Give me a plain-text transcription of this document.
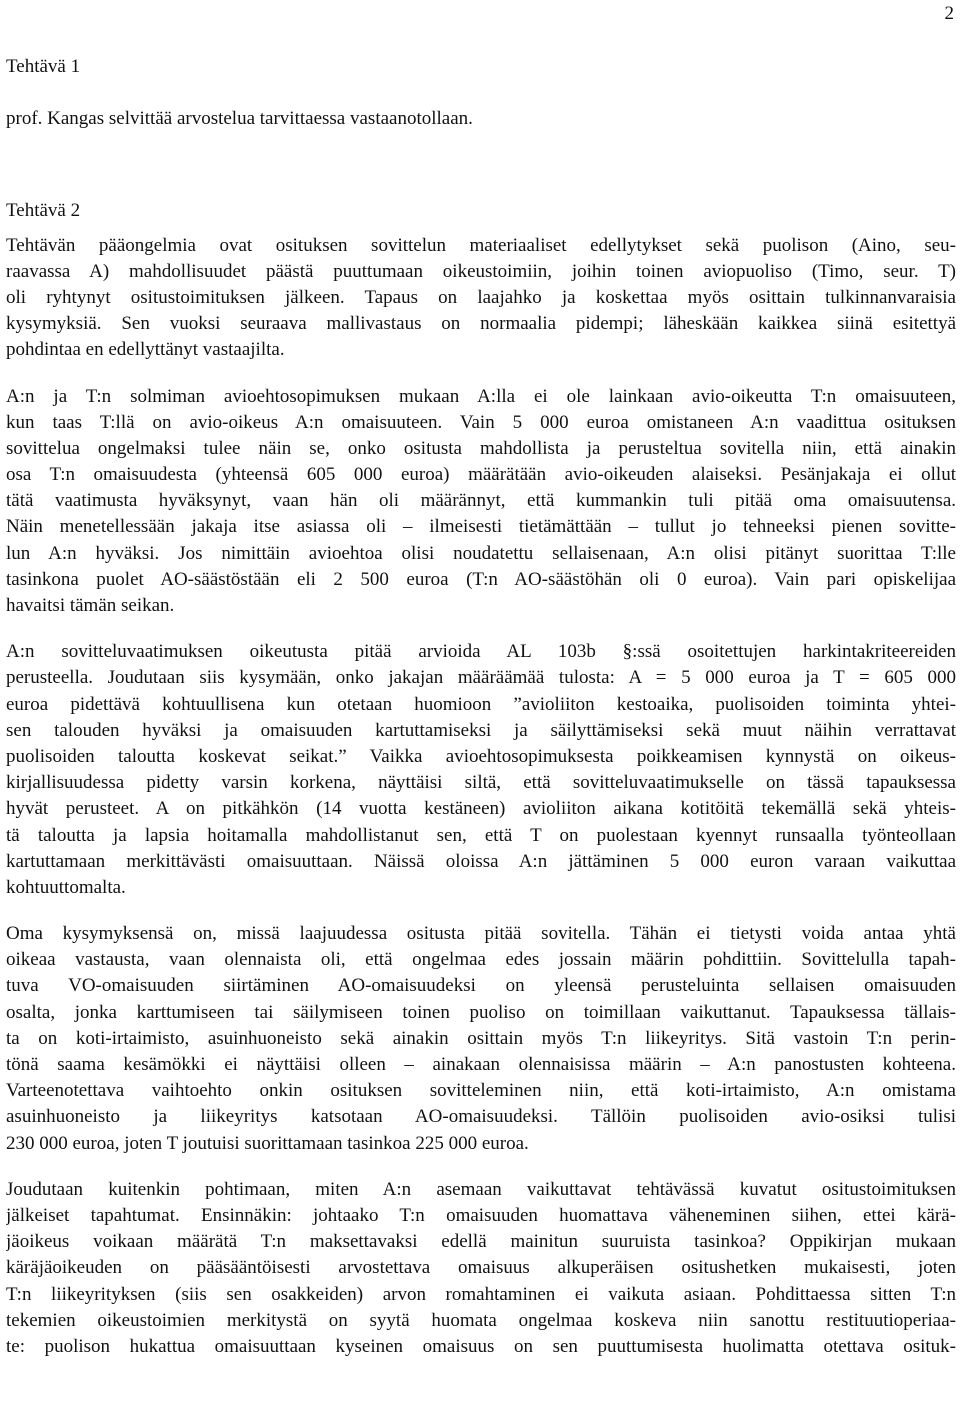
2
Tehtävä 1
prof. Kangas selvittää arvostelua tarvittaessa vastaanotollaan.
Tehtävä 2
Tehtävän pääongelmia ovat osituksen sovittelun materiaaliset edellytykset sekä puolison (Aino, seu-
raavassa A) mahdollisuudet päästä puuttumaan oikeustoimiin, joihin toinen aviopuoliso (Timo, seur. T)
oli ryhtynyt ositustoimituksen jälkeen. Tapaus on laajahko ja koskettaa myös osittain tulkinnanvaraisia
kysymyksiä. Sen vuoksi seuraava mallivastaus on normaalia pidempi; läheskään kaikkea siinä esitettyä
pohdintaa en edellyttänyt vastaajilta.
A:n ja T:n solmiman avioehtosopimuksen mukaan A:lla ei ole lainkaan avio-oikeutta T:n omaisuuteen,
kun taas T:llä on avio-oikeus A:n omaisuuteen. Vain 5 000 euroa omistaneen A:n vaadittua osituksen
sovittelua ongelmaksi tulee näin se, onko ositusta mahdollista ja perusteltua sovitella niin, että ainakin
osa T:n omaisuudesta (yhteensä 605 000 euroa) määrätään avio-oikeuden alaiseksi. Pesänjakaja ei ollut
tätä vaatimusta hyväksynyt, vaan hän oli määrännyt, että kummankin tuli pitää oma omaisuutensa.
Näin menetellessään jakaja itse asiassa oli – ilmeisesti tietämättään – tullut jo tehneeksi pienen sovitte-
lun A:n hyväksi. Jos nimittäin avioehtoa olisi noudatettu sellaisenaan, A:n olisi pitänyt suorittaa T:lle
tasinkona puolet AO-säästöstään eli 2 500 euroa (T:n AO-säästöhän oli 0 euroa). Vain pari opiskelijaa
havaitsi tämän seikan.
A:n sovitteluvaatimuksen oikeutusta pitää arvioida AL 103b §:ssä osoitettujen harkintakriteereiden
perusteella. Joudutaan siis kysymään, onko jakajan määräämää tulosta: A = 5 000 euroa ja T = 605 000
euroa pidettävä kohtuullisena kun otetaan huomioon ”avioliiton kestoaika, puolisoiden toiminta yhtei-
sen talouden hyväksi ja omaisuuden kartuttamiseksi ja säilyttämiseksi sekä muut näihin verrattavat
puolisoiden taloutta koskevat seikat.” Vaikka avioehtosopimuksesta poikkeamisen kynnystä on oikeus-
kirjallisuudessa pidetty varsin korkena, näyttäisi siltä, että sovitteluvaatimukselle on tässä tapauksessa
hyvät perusteet. A on pitkähkön (14 vuotta kestäneen) avioliiton aikana kotitöitä tekemällä sekä yhteis-
tä taloutta ja lapsia hoitamalla mahdollistanut sen, että T on puolestaan kyennyt runsaalla työnteollaan
kartuttamaan merkittävästi omaisuuttaan. Näissä oloissa A:n jättäminen 5 000 euron varaan vaikuttaa
kohtuuttomalta.
Oma kysymyksensä on, missä laajuudessa ositusta pitää sovitella. Tähän ei tietysti voida antaa yhtä
oikeaa vastausta, vaan olennaista oli, että ongelmaa edes jossain määrin pohdittiin. Sovittelulla tapah-
tuva VO-omaisuuden siirtäminen AO-omaisuudeksi on yleensä perusteluinta sellaisen omaisuuden
osalta, jonka karttumiseen tai säilymiseen toinen puoliso on toimillaan vaikuttanut. Tapauksessa tällais-
ta on koti-irtaimisto, asuinhuoneisto sekä ainakin osittain myös T:n liikeyritys. Sitä vastoin T:n perin-
tönä saama kesämökki ei näyttäisi olleen – ainakaan olennaisissa määrin – A:n panostusten kohteena.
Varteenotettava vaihtoehto onkin osituksen sovitteleminen niin, että koti-irtaimisto, A:n omistama
asuinhuoneisto ja liikeyritys katsotaan AO-omaisuudeksi. Tällöin puolisoiden avio-osiksi tulisi
230 000 euroa, joten T joutuisi suorittamaan tasinkoa 225 000 euroa.
Joudutaan kuitenkin pohtimaan, miten A:n asemaan vaikuttavat tehtävässä kuvatut ositustoimituksen
jälkeiset tapahtumat. Ensinnäkin: johtaako T:n omaisuuden huomattava väheneminen siihen, ettei kärä-
jäoikeus voikaan määrätä T:n maksettavaksi edellä mainitun suuruista tasinkoa? Oppikirjan mukaan
käräjäoikeuden on pääsääntöisesti arvostettava omaisuus alkuperäisen ositushetken mukaisesti, joten
T:n liikeyrityksen (siis sen osakkeiden) arvon romahtaminen ei vaikuta asiaan. Pohdittaessa sitten T:n
tekemien oikeustoimien merkitystä on syytä huomata ongelmaa koskeva niin sanottu restituutioperiaa-
te: puolison hukattua omaisuuttaan kyseinen omaisuus on sen puuttumisesta huolimatta otettava osituk-
